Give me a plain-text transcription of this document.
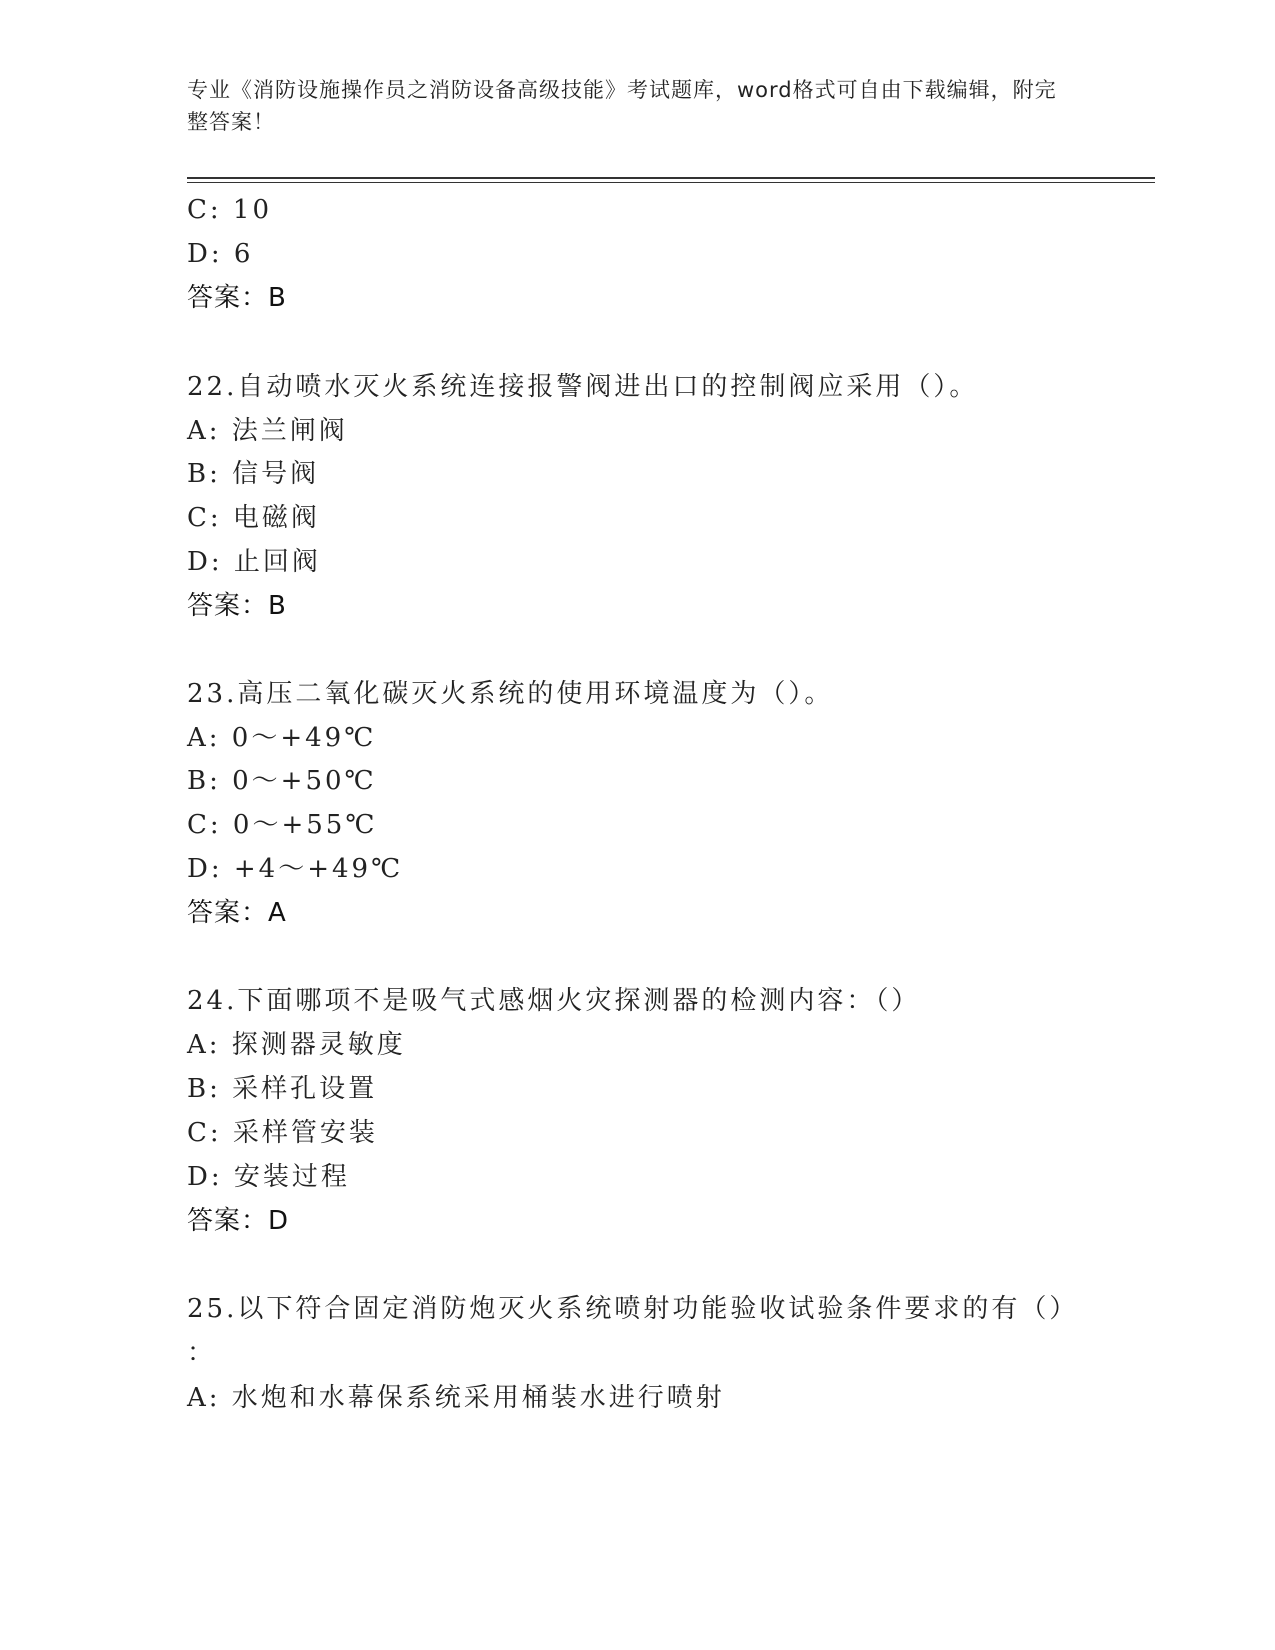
专业《消防设施操作员之消防设备高级技能》考试题库，word格式可自由下载编辑，附完整答案！
C: 10
D: 6
答案：B
22.自动喷水灭火系统连接报警阀进出口的控制阀应采用（）。
A: 法兰闸阀
B: 信号阀
C: 电磁阀
D: 止回阀
答案：B
23.高压二氧化碳灭火系统的使用环境温度为（）。
A: 0～+49℃
B: 0～+50℃
C: 0～+55℃
D: +4～+49℃
答案：A
24.下面哪项不是吸气式感烟火灾探测器的检测内容：（）
A: 探测器灵敏度
B: 采样孔设置
C: 采样管安装
D: 安装过程
答案：D
25.以下符合固定消防炮灭火系统喷射功能验收试验条件要求的有（）
：
A: 水炮和水幕保系统采用桶装水进行喷射
